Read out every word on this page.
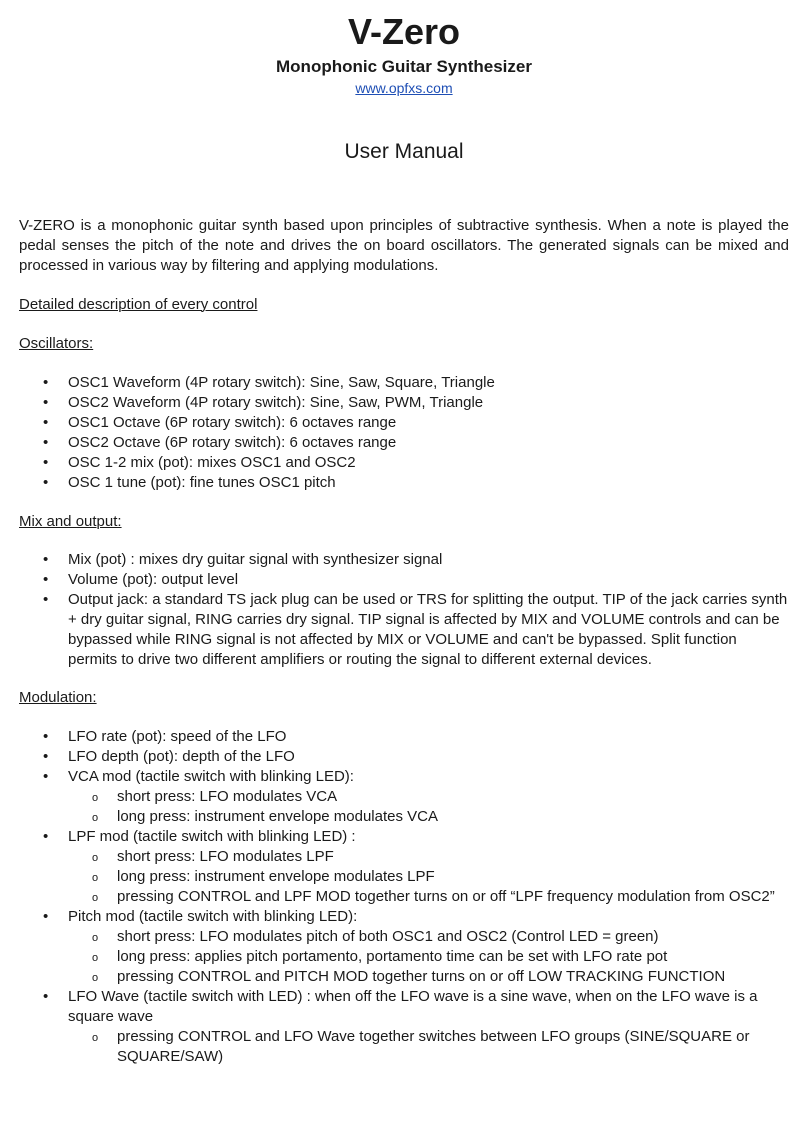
V-Zero
Monophonic Guitar Synthesizer
www.opfxs.com
User Manual
V-ZERO is a monophonic guitar synth based upon principles of subtractive synthesis. When a note is played the pedal senses the pitch of the note and drives the on board oscillators. The generated signals can be mixed and processed in various way by filtering and applying modulations.
Detailed description of every control
Oscillators:
• OSC1 Waveform (4P rotary switch): Sine, Saw, Square, Triangle
• OSC2 Waveform (4P rotary switch): Sine, Saw, PWM, Triangle
• OSC1 Octave (6P rotary switch): 6 octaves range
• OSC2 Octave (6P rotary switch): 6 octaves range
• OSC 1-2 mix (pot): mixes OSC1 and OSC2
• OSC 1 tune (pot): fine tunes OSC1 pitch
Mix and output:
• Mix (pot) : mixes dry guitar signal with synthesizer signal
• Volume (pot): output level
• Output jack: a standard TS jack plug can be used or TRS for splitting the output. TIP of the jack carries synth + dry guitar signal, RING carries dry signal. TIP signal is affected by MIX and VOLUME controls and can be bypassed while RING signal is not affected by MIX or VOLUME and can't be bypassed. Split function permits to drive two different amplifiers or routing the signal to different external devices.
Modulation:
• LFO rate (pot): speed of the LFO
• LFO depth (pot): depth of the LFO
• VCA mod (tactile switch with blinking LED):
o short press: LFO modulates VCA
o long press: instrument envelope modulates VCA
• LPF mod (tactile switch with blinking LED) :
o short press: LFO modulates LPF
o long press: instrument envelope modulates LPF
o pressing CONTROL and LPF MOD together turns on or off “LPF frequency modulation from OSC2”
• Pitch mod (tactile switch with blinking LED):
o short press: LFO modulates pitch of both OSC1 and OSC2 (Control LED = green)
o long press: applies pitch portamento, portamento time can be set with LFO rate pot
o pressing CONTROL and PITCH MOD together turns on or off LOW TRACKING FUNCTION
• LFO Wave (tactile switch with LED) : when off the LFO wave is a sine wave, when on the LFO wave is a square wave
o pressing CONTROL and LFO Wave together switches between LFO groups (SINE/SQUARE or SQUARE/SAW)
